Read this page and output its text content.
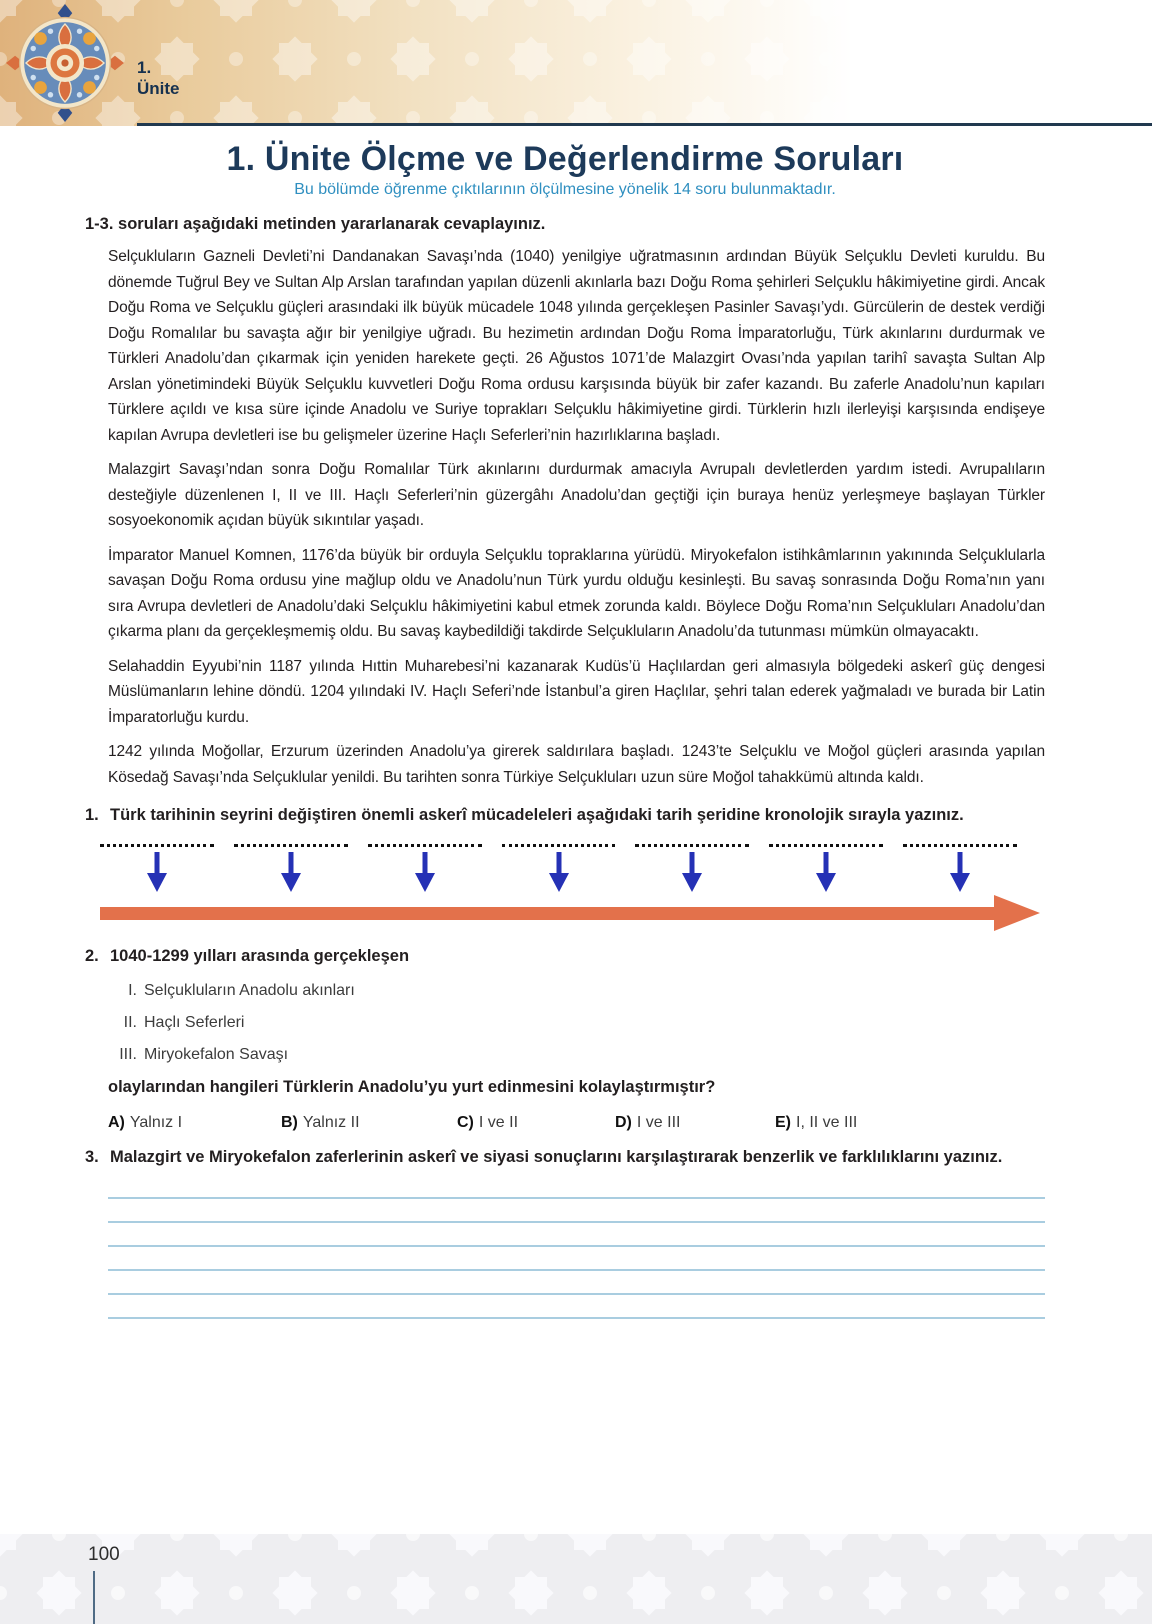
1.
Ünite
1. Ünite Ölçme ve Değerlendirme Soruları
Bu bölümde öğrenme çıktılarının ölçülmesine yönelik 14 soru bulunmaktadır.

1-3. soruları aşağıdaki metinden yararlanarak cevaplayınız.

Selçukluların Gazneli Devleti’ni Dandanakan Savaşı’nda (1040) yenilgiye uğratmasının ardından Büyük Selçuklu Devleti kuruldu. Bu dönemde Tuğrul Bey ve Sultan Alp Arslan tarafından yapılan düzenli akınlarla bazı Doğu Roma şehirleri Selçuklu hâkimiyetine girdi. Ancak Doğu Roma ve Selçuklu güçleri arasındaki ilk büyük mücadele 1048 yılında gerçekleşen Pasinler Savaşı’ydı. Gürcülerin de destek verdiği Doğu Romalılar bu savaşta ağır bir yenilgiye uğradı. Bu hezimetin ardından Doğu Roma İmparatorluğu, Türk akınlarını durdurmak ve Türkleri Anadolu’dan çıkarmak için yeniden harekete geçti. 26 Ağustos 1071’de Malazgirt Ovası’nda yapılan tarihî savaşta Sultan Alp Arslan yönetimindeki Büyük Selçuklu kuvvetleri Doğu Roma ordusu karşısında büyük bir zafer kazandı. Bu zaferle Anadolu’nun kapıları Türklere açıldı ve kısa süre içinde Anadolu ve Suriye toprakları Selçuklu hâkimiyetine girdi. Türklerin hızlı ilerleyişi karşısında endişeye kapılan Avrupa devletleri ise bu gelişmeler üzerine Haçlı Seferleri’nin hazırlıklarına başladı.

Malazgirt Savaşı’ndan sonra Doğu Romalılar Türk akınlarını durdurmak amacıyla Avrupalı devletlerden yardım istedi. Avrupalıların desteğiyle düzenlenen I, II ve III. Haçlı Seferleri’nin güzergâhı Anadolu’dan geçtiği için buraya henüz yerleşmeye başlayan Türkler sosyoekonomik açıdan büyük sıkıntılar yaşadı.

İmparator Manuel Komnen, 1176’da büyük bir orduyla Selçuklu topraklarına yürüdü. Miryokefalon istihkâmlarının yakınında Selçuklularla savaşan Doğu Roma ordusu yine mağlup oldu ve Anadolu’nun Türk yurdu olduğu kesinleşti. Bu savaş sonrasında Doğu Roma’nın yanı sıra Avrupa devletleri de Anadolu’daki Selçuklu hâkimiyetini kabul etmek zorunda kaldı. Böylece Doğu Roma’nın Selçukluları Anadolu’dan çıkarma planı da gerçekleşmemiş oldu. Bu savaş kaybedildiği takdirde Selçukluların Anadolu’da tutunması mümkün olmayacaktı.

Selahaddin Eyyubi’nin 1187 yılında Hıttin Muharebesi’ni kazanarak Kudüs’ü Haçlılardan geri almasıyla bölgedeki askerî güç dengesi Müslümanların lehine döndü. 1204 yılındaki IV. Haçlı Seferi’nde İstanbul’a giren Haçlılar, şehri talan ederek yağmaladı ve burada bir Latin İmparatorluğu kurdu.

1242 yılında Moğollar, Erzurum üzerinden Anadolu’ya girerek saldırılara başladı. 1243’te Selçuklu ve Moğol güçleri arasında yapılan Kösedağ Savaşı’nda Selçuklular yenildi. Bu tarihten sonra Türkiye Selçukluları uzun süre Moğol tahakkümü altında kaldı.

1. Türk tarihinin seyrini değiştiren önemli askerî mücadeleleri aşağıdaki tarih şeridine kronolojik sırayla yazınız.

2. 1040-1299 yılları arasında gerçekleşen

I. Selçukluların Anadolu akınları
II. Haçlı Seferleri
III. Miryokefalon Savaşı

olaylarından hangileri Türklerin Anadolu’yu yurt edinmesini kolaylaştırmıştır?

A) Yalnız I	B) Yalnız II	C) I ve II	D) I ve III	E) I, II ve III
3. Malazgirt ve Miryokefalon zaferlerinin askerî ve siyasi sonuçlarını karşılaştırarak benzerlik ve farklılıklarını yazınız.

100
